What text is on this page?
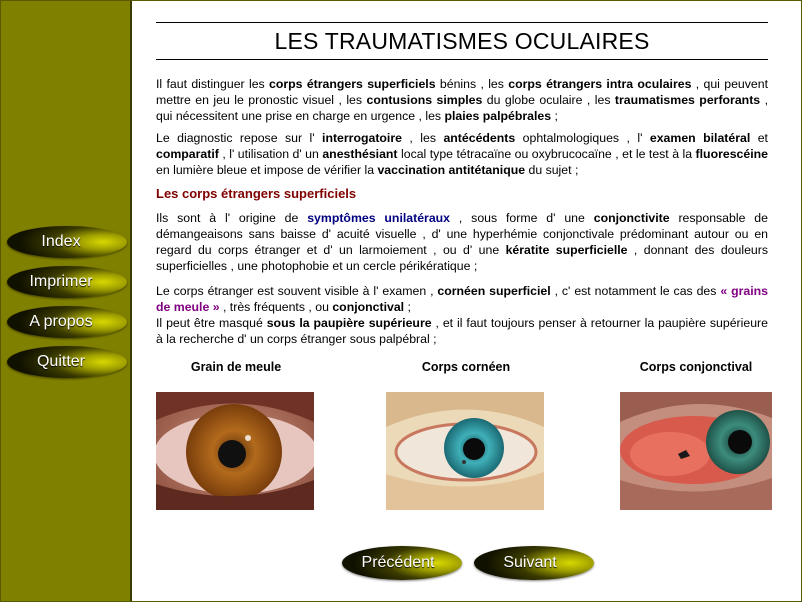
Index
Imprimer
A propos
Quitter
LES TRAUMATISMES OCULAIRES

Il faut distinguer les corps étrangers superficiels bénins , les corps étrangers intra oculaires , qui peuvent mettre en jeu le pronostic visuel , les contusions simples du globe oculaire , les traumatismes perforants , qui nécessitent une prise en charge en urgence , les plaies palpébrales ;

Le diagnostic repose sur l' interrogatoire , les antécédents ophtalmologiques , l' examen bilatéral et comparatif , l' utilisation d' un anesthésiant local type tétracaïne ou oxybrucocaïne , et le test à la fluorescéine en lumière bleue et impose de vérifier la vaccination antitétanique du sujet ;

Les corps étrangers superficiels

Ils sont à l' origine de symptômes unilatéraux , sous forme d' une conjonctivite responsable de démangeaisons sans baisse d' acuité visuelle , d' une hyperhémie conjonctivale prédominant autour ou en regard du corps étranger et d' un larmoiement , ou d' une kératite superficielle , donnant des douleurs superficielles , une photophobie et un cercle périkératique ;

Le corps étranger est souvent visible à l' examen , cornéen superficiel , c' est notamment le cas des « grains de meule » , très fréquents , ou conjonctival ;
Il peut être masqué sous la paupière supérieure , et il faut toujours penser à retourner la paupière supérieure à la recherche d' un corps étranger sous palpébral ;

Grain de meule	Corps cornéen	Corps conjonctival
Précédent	Suivant
